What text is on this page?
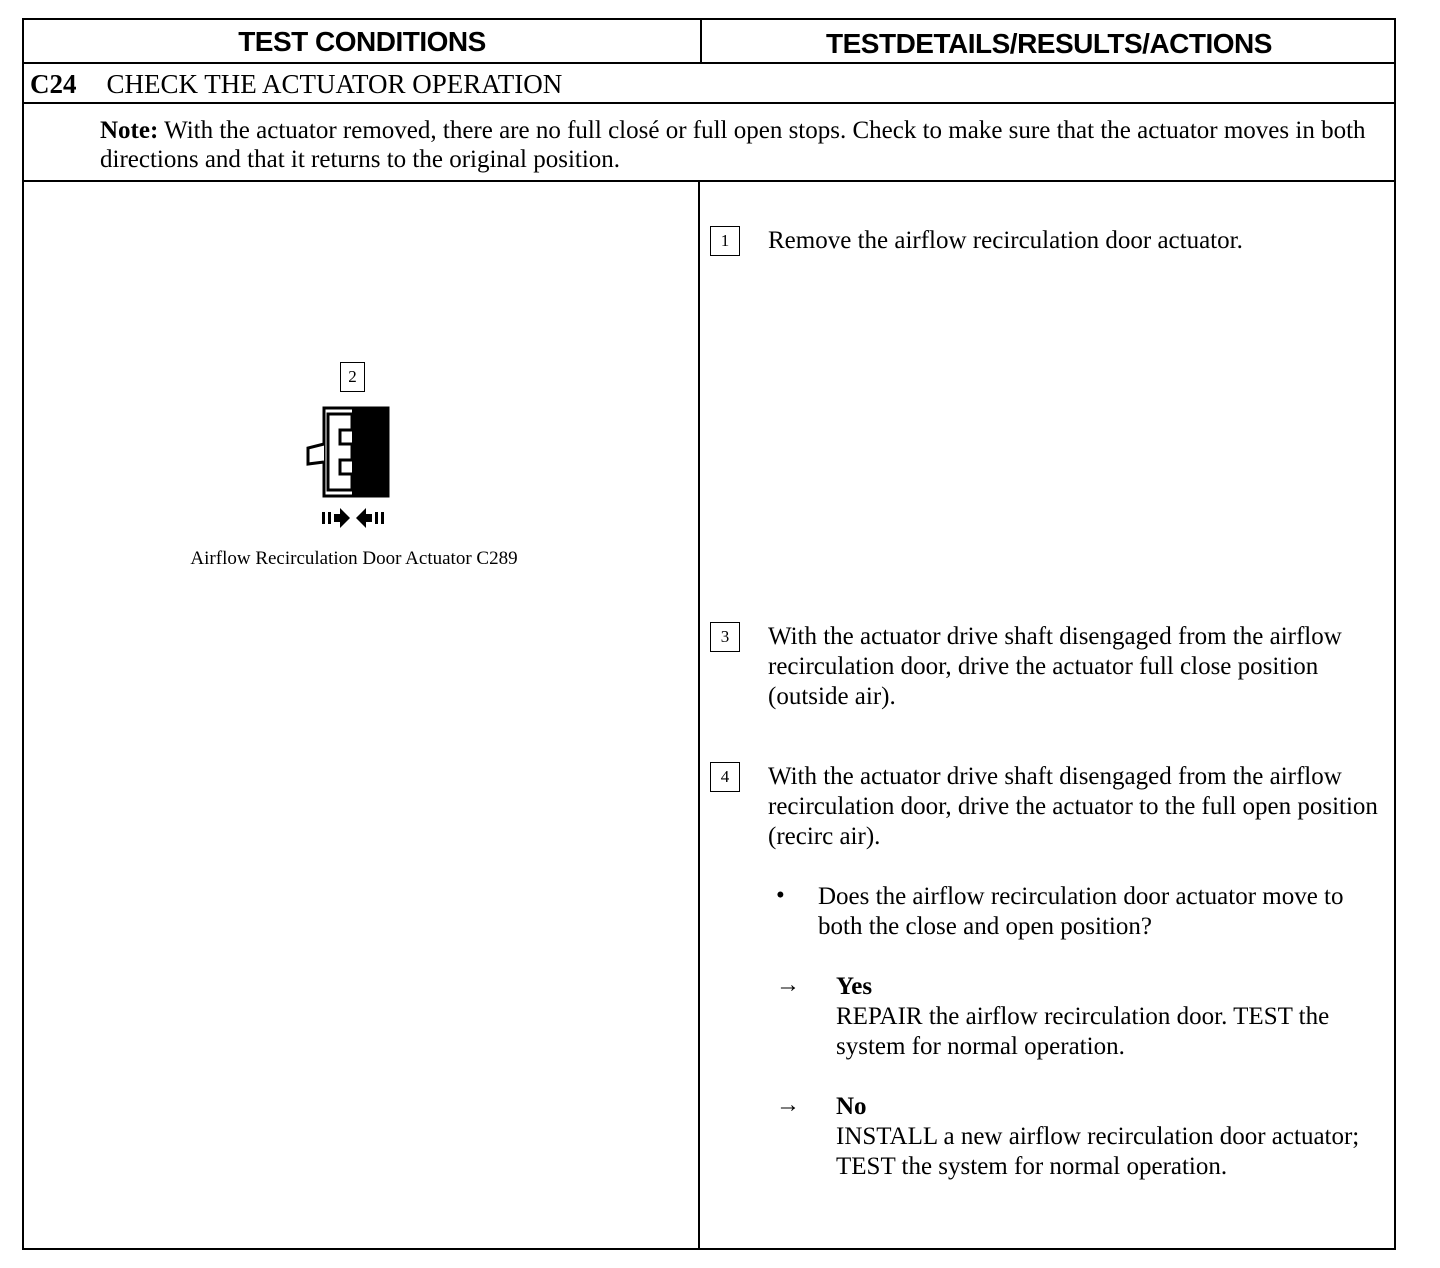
TEST CONDITIONS	TESTDETAILS/RESULTS/ACTIONS
C24 CHECK THE ACTUATOR OPERATION
Note: With the actuator removed, there are no full closé or full open stops. Check to make sure that the actuator moves in both directions and that it returns to the original position.
2
Airflow Recirculation Door Actuator C289
1	Remove the airflow recirculation door actuator.
3	With the actuator drive shaft disengaged from the airflow recirculation door, drive the actuator full close position (outside air).
4	With the actuator drive shaft disengaged from the airflow recirculation door, drive the actuator to the full open position (recirc air).
• Does the airflow recirculation door actuator move to both the close and open position?
→ Yes
REPAIR the airflow recirculation door. TEST the system for normal operation.
→ No
INSTALL a new airflow recirculation door actuator; TEST the system for normal operation.
